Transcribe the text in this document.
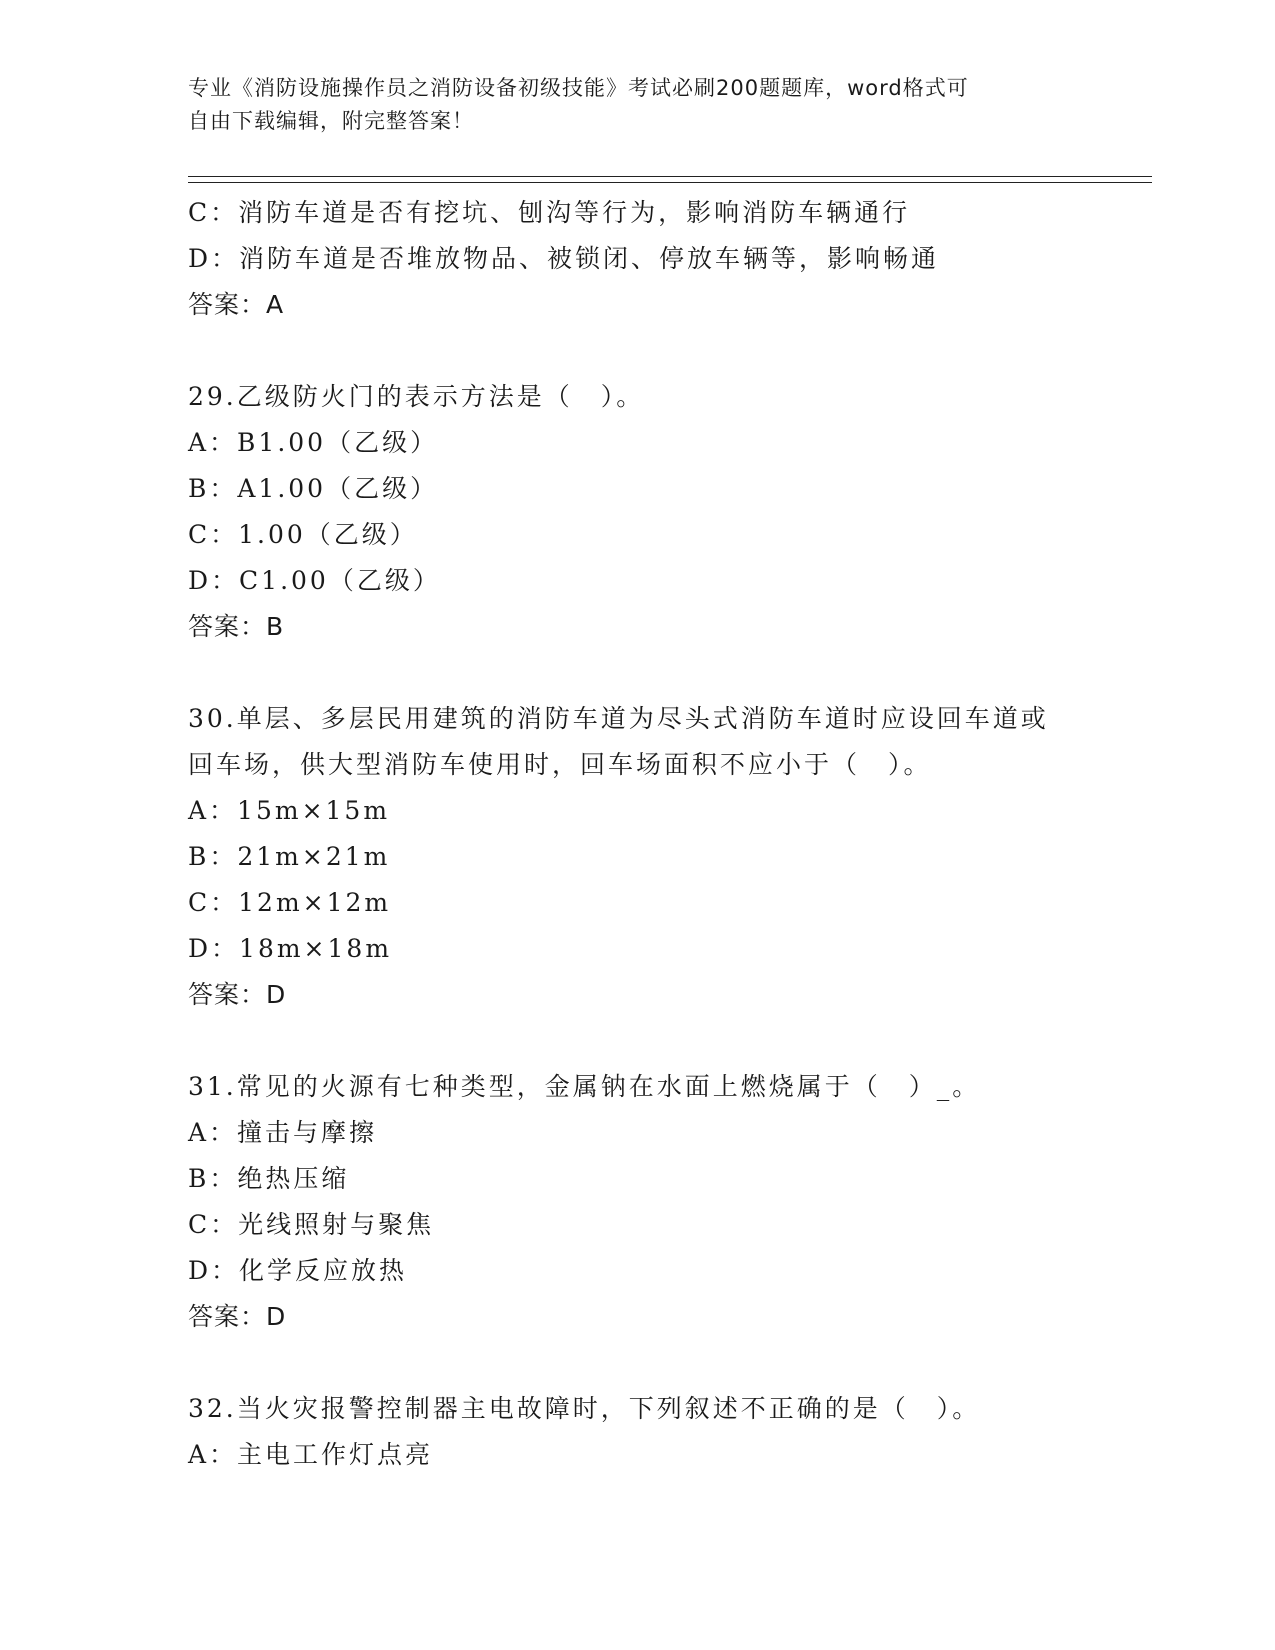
专业《消防设施操作员之消防设备初级技能》考试必刷200题题库，word格式可
自由下载编辑，附完整答案！
C：消防车道是否有挖坑、刨沟等行为，影响消防车辆通行
D：消防车道是否堆放物品、被锁闭、停放车辆等，影响畅通
答案：A
29.乙级防火门的表示方法是（　）。
A：B1.00（乙级）
B：A1.00（乙级）
C：1.00（乙级）
D：C1.00（乙级）
答案：B
30.单层、多层民用建筑的消防车道为尽头式消防车道时应设回车道或
回车场，供大型消防车使用时，回车场面积不应小于（　）。
A：15m×15m
B：21m×21m
C：12m×12m
D：18m×18m
答案：D
31.常见的火源有七种类型，金属钠在水面上燃烧属于（　）_。
A：撞击与摩擦
B：绝热压缩
C：光线照射与聚焦
D：化学反应放热
答案：D
32.当火灾报警控制器主电故障时，下列叙述不正确的是（　）。
A：主电工作灯点亮
